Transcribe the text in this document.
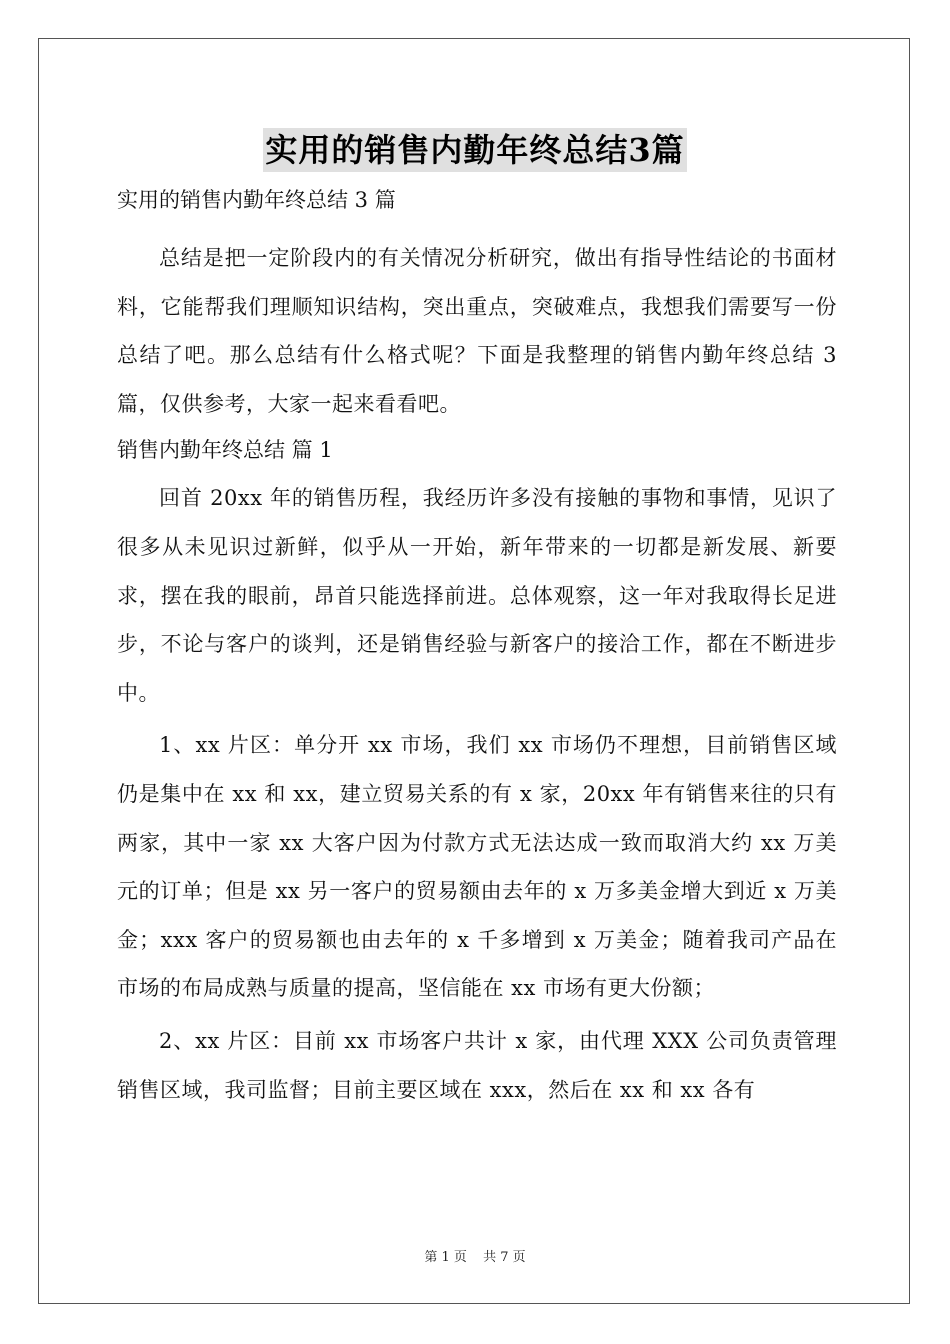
实用的销售内勤年终总结3篇

实用的销售内勤年终总结 3 篇

总结是把一定阶段内的有关情况分析研究，做出有指导性结论的书面材料，它能帮我们理顺知识结构，突出重点，突破难点，我想我们需要写一份总结了吧。那么总结有什么格式呢？下面是我整理的销售内勤年终总结 3 篇，仅供参考，大家一起来看看吧。

销售内勤年终总结 篇 1

回首 20xx 年的销售历程，我经历许多没有接触的事物和事情，见识了很多从未见识过新鲜，似乎从一开始，新年带来的一切都是新发展、新要求，摆在我的眼前，昂首只能选择前进。总体观察，这一年对我取得长足进步，不论与客户的谈判，还是销售经验与新客户的接洽工作，都在不断进步中。

1、xx 片区：单分开 xx 市场，我们 xx 市场仍不理想，目前销售区域仍是集中在 xx 和 xx，建立贸易关系的有 x 家，20xx 年有销售来往的只有两家，其中一家 xx 大客户因为付款方式无法达成一致而取消大约 xx 万美元的订单；但是 xx 另一客户的贸易额由去年的 x 万多美金增大到近 x 万美金；xxx 客户的贸易额也由去年的 x 千多增到 x 万美金；随着我司产品在市场的布局成熟与质量的提高，坚信能在 xx 市场有更大份额；

2、xx 片区：目前 xx 市场客户共计 x 家，由代理 XXX 公司负责管理销售区域，我司监督；目前主要区域在 xxx，然后在 xx 和 xx 各有

第 1 页 共 7 页
